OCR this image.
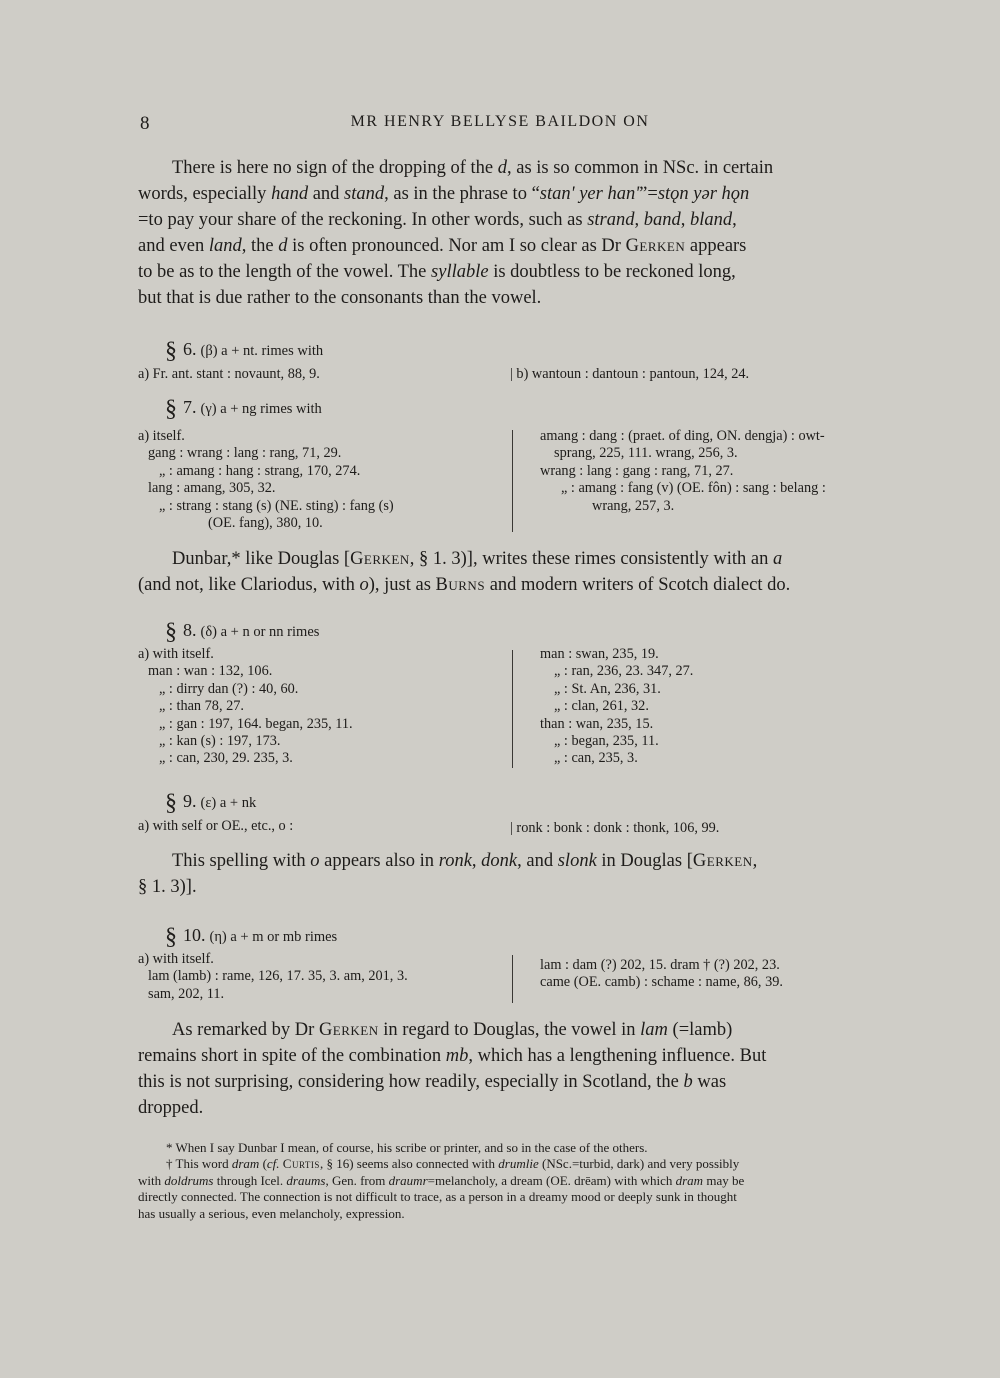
8	MR HENRY BELLYSE BAILDON ON
There is here no sign of the dropping of the d, as is so common in NSc. in certain
words, especially hand and stand, as in the phrase to “stan' yer han'”=stǫn yər hǫn
=to pay your share of the reckoning. In other words, such as strand, band, bland,
and even land, the d is often pronounced. Nor am I so clear as Dr Gerken appears
to be as to the length of the vowel. The syllable is doubtless to be reckoned long,
but that is due rather to the consonants than the vowel.
§ 6. (β) a + nt. rimes with
a) Fr. ant. stant : novaunt, 88, 9.	| b) wantoun : dantoun : pantoun, 124, 24.
§ 7. (γ) a + ng rimes with
a) itself.
gang : wrang : lang : rang, 71, 29.
„ : amang : hang : strang, 170, 274.
lang : amang, 305, 32.
„ : strang : stang (s) (NE. sting) : fang (s)
(OE. fang), 380, 10.
amang : dang : (praet. of ding, ON. dengja) : owt-
sprang, 225, 111. wrang, 256, 3.
wrang : lang : gang : rang, 71, 27.
„ : amang : fang (v) (OE. fôn) : sang : belang :
wrang, 257, 3.
Dunbar,* like Douglas [Gerken, § 1. 3)], writes these rimes consistently with an a
(and not, like Clariodus, with o), just as Burns and modern writers of Scotch dialect do.
§ 8. (δ) a + n or nn rimes
a) with itself.
man : wan : 132, 106.
„ : dirry dan (?) : 40, 60.
„ : than 78, 27.
„ : gan : 197, 164. began, 235, 11.
„ : kan (s) : 197, 173.
„ : can, 230, 29. 235, 3.
man : swan, 235, 19.
„ : ran, 236, 23. 347, 27.
„ : St. An, 236, 31.
„ : clan, 261, 32.
than : wan, 235, 15.
„ : began, 235, 11.
„ : can, 235, 3.
§ 9. (ε) a + nk
a) with self or OE., etc., o :	| ronk : bonk : donk : thonk, 106, 99.
This spelling with o appears also in ronk, donk, and slonk in Douglas [Gerken,
§ 1. 3)].
§ 10. (η) a + m or mb rimes
a) with itself.
lam (lamb) : rame, 126, 17. 35, 3. am, 201, 3.
sam, 202, 11.
lam : dam (?) 202, 15. dram † (?) 202, 23.
came (OE. camb) : schame : name, 86, 39.
As remarked by Dr Gerken in regard to Douglas, the vowel in lam (=lamb)
remains short in spite of the combination mb, which has a lengthening influence. But
this is not surprising, considering how readily, especially in Scotland, the b was
dropped.
* When I say Dunbar I mean, of course, his scribe or printer, and so in the case of the others.
† This word dram (cf. Curtis, § 16) seems also connected with drumlie (NSc.=turbid, dark) and very possibly
with doldrums through Icel. draums, Gen. from draumr=melancholy, a dream (OE. drēam) with which dram may be
directly connected. The connection is not difficult to trace, as a person in a dreamy mood or deeply sunk in thought
has usually a serious, even melancholy, expression.
